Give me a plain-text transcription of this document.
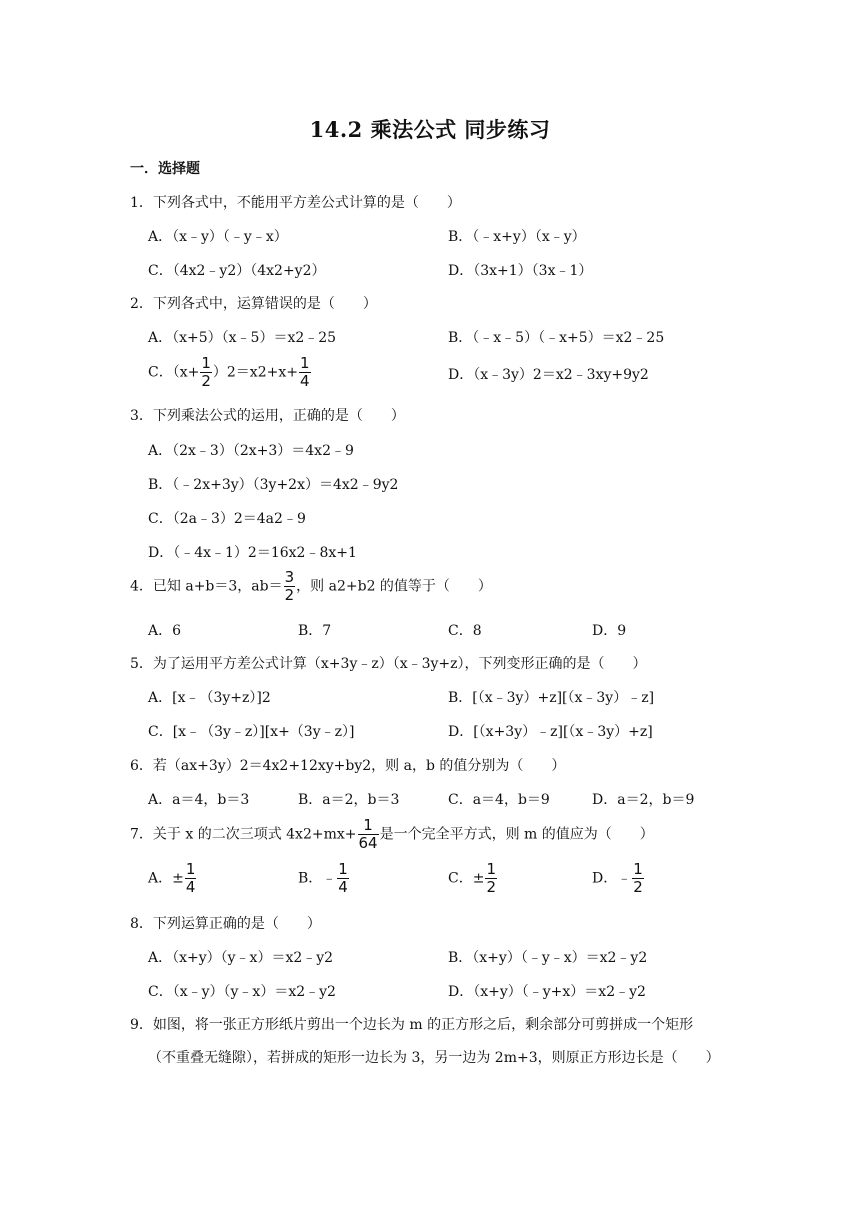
14.2 乘法公式 同步练习
一．选择题
1．下列各式中，不能用平方差公式计算的是（　　）
A．（x﹣y）（﹣y﹣x）	B．（﹣x+y）（x﹣y）
C．（4x2﹣y2）（4x2+y2）	D．（3x+1）（3x﹣1）
2．下列各式中，运算错误的是（　　）
A．（x+5）（x﹣5）＝x2﹣25	B．（﹣x﹣5）（﹣x+5）＝x2﹣25
C．$(x+ \frac{1}{2} )2=x2+x+ \frac{1}{4}$	D．（x﹣3y）2＝x2﹣3xy+9y2
3．下列乘法公式的运用，正确的是（　　）
A．（2x﹣3）（2x+3）＝4x2﹣9
B．（﹣2x+3y）（3y+2x）＝4x2﹣9y2
C．（2a﹣3）2＝4a2﹣9
D．（﹣4x﹣1）2＝16x2﹣8x+1
4．已知 a+b＝3，$ab= \frac{3}{2}$ ，则 a2+b2 的值等于（　　）
A．6	B．7	C．8	D．9
5．为了运用平方差公式计算（x+3y﹣z）（x﹣3y+z），下列变形正确的是（　　）
A．[x﹣（3y+z）]2	B．[（x﹣3y）+z][（x﹣3y）﹣z]
C．[x﹣（3y﹣z）][x+（3y﹣z）]	D．[（x+3y）﹣z][（x﹣3y）+z]
6．若（ax+3y）2＝4x2+12xy+by2，则 a，b 的值分别为（　　）
A．a＝4，b＝3	B．a＝2，b＝3	C．a＝4，b＝9	D．a＝2，b＝9
7．关于 x 的二次三项式 $4x2+mx+ \frac{1}{64}$ 是一个完全平方式，则 m 的值应为（　　）
A．± $\frac{1}{4}$	B．﹣ $\frac{1}{4}$	C．± $\frac{1}{2}$	D．﹣ $\frac{1}{2}$
8．下列运算正确的是（　　）
A．（x+y）（y﹣x）＝x2﹣y2	B．（x+y）（﹣y﹣x）＝x2﹣y2
C．（x﹣y）（y﹣x）＝x2﹣y2	D．（x+y）（﹣y+x）＝x2﹣y2
9．如图，将一张正方形纸片剪出一个边长为 m 的正方形之后，剩余部分可剪拼成一个矩形
（不重叠无缝隙），若拼成的矩形一边长为 3，另一边为 2m+3，则原正方形边长是（　　）
